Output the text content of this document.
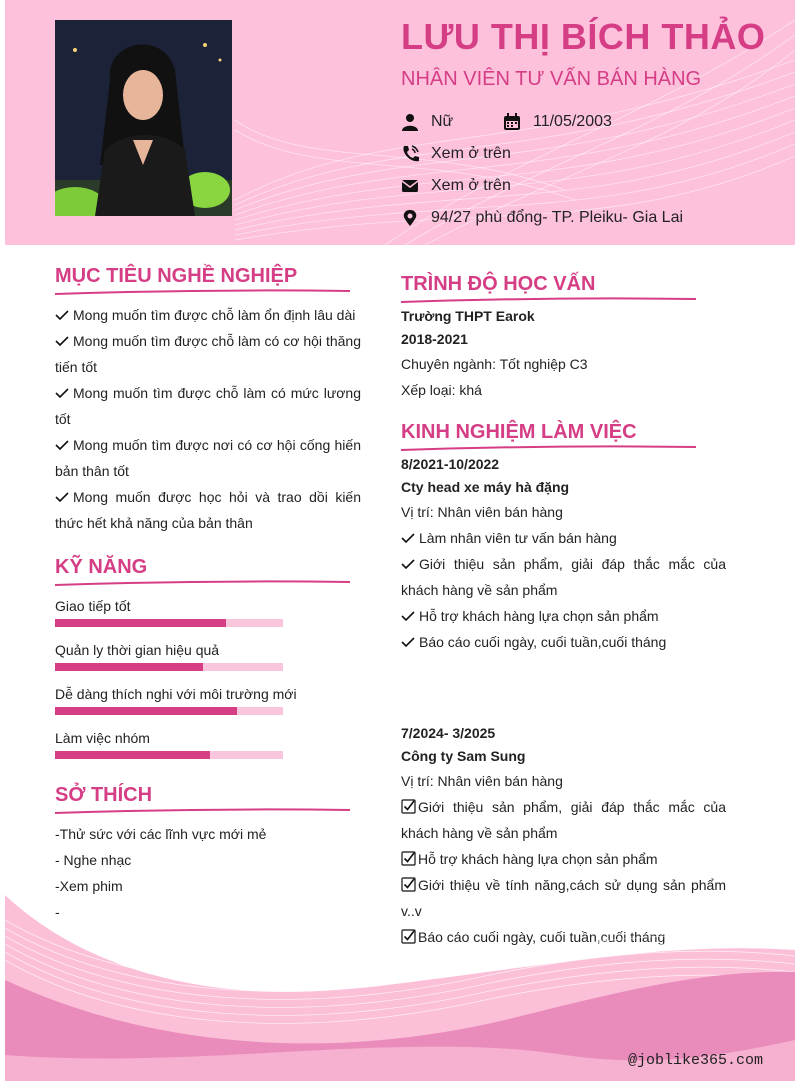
LƯU THỊ BÍCH THẢO
NHÂN VIÊN TƯ VẤN BÁN HÀNG
Nữ	11/05/2003
Xem ở trên
Xem ở trên
94/27 phù đổng- TP. Pleiku- Gia Lai
MỤC TIÊU NGHỀ NGHIỆP
Mong muốn tìm được chỗ làm ổn định lâu dài
Mong muốn tìm được chỗ làm có cơ hội thăng tiến tốt
Mong muốn tìm được chỗ làm có mức lương tốt
Mong muốn tìm được nơi có cơ hội cống hiến bản thân tốt
Mong muốn được học hỏi và trao dồi kiến thức hết khả năng của bản thân
KỸ NĂNG
Giao tiếp tốt
Quản ly thời gian hiệu quả
Dễ dàng thích nghi với môi trường mới
Làm việc nhóm
SỞ THÍCH
-Thử sức với các lĩnh vực mới mẻ
- Nghe nhạc
-Xem phim
-
TRÌNH ĐỘ HỌC VẤN
Trường THPT Earok
2018-2021
Chuyên ngành: Tốt nghiệp C3
Xếp loại: khá
KINH NGHIỆM LÀM VIỆC
8/2021-10/2022
Cty head xe máy hà đặng
Vị trí: Nhân viên bán hàng
Làm nhân viên tư vấn bán hàng
Giới thiệu sản phẩm, giải đáp thắc mắc của khách hàng về sản phẩm
Hỗ trợ khách hàng lựa chọn sản phẩm
Báo cáo cuối ngày, cuối tuần,cuối tháng
7/2024- 3/2025
Công ty Sam Sung
Vị trí: Nhân viên bán hàng
Giới thiệu sản phẩm, giải đáp thắc mắc của khách hàng về sản phẩm
Hỗ trợ khách hàng lựa chọn sản phẩm
Giới thiệu về tính năng,cách sử dụng sản phẩm v..v
Báo cáo cuối ngày, cuối tuần,cuối tháng
@joblike365.com
